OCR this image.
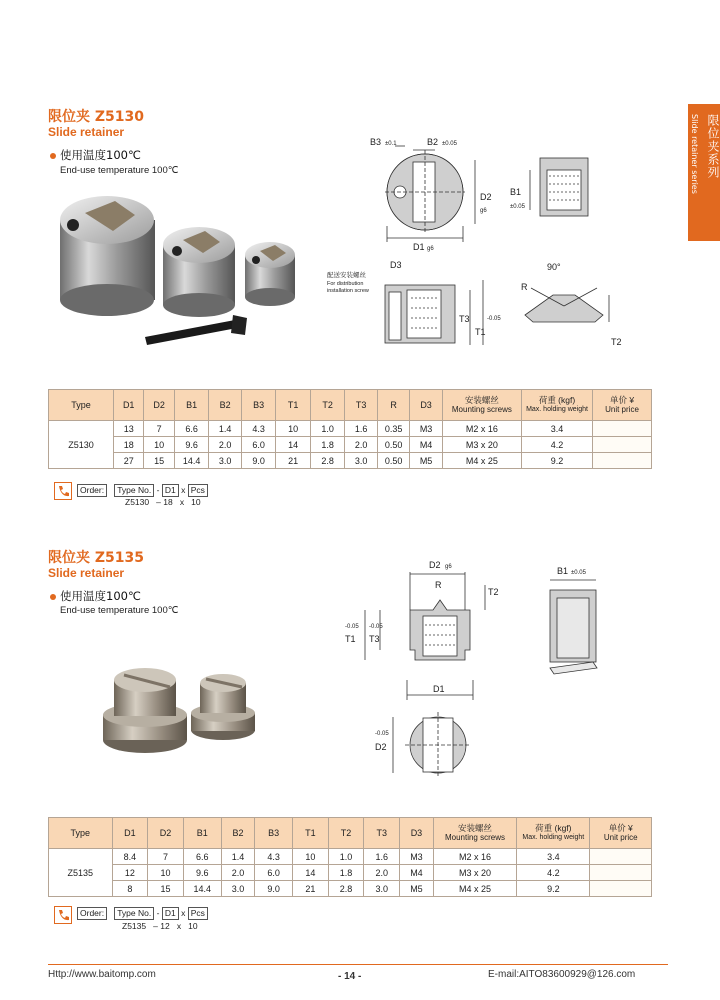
限位夹系列
Slide retainer series
限位夹 Z5130
Slide retainer
使用温度100℃
End-use temperature 100℃
B3 ±0.1	B2 ±0.05
D2
g6
D1 g6
B1
±0.05
D3
配送安装螺丝
For distribution
installation screw
T3
T1
-0.05
90°
R
T2
Type	D1	D2	B1	B2	B3	T1	T2	T3	R	D3	安装螺丝
Mounting screws	荷重 (kgf)
Max. holding weight	单价 ¥
Unit price

Z5130	13	7	6.6	1.4	4.3	10	1.0	1.6	0.35	M3	M2 x 16	3.4	
	18	10	9.6	2.0	6.0	14	1.8	2.0	0.50	M4	M3 x 20	4.2	
	27	15	14.4	3.0	9.0	21	2.8	3.0	0.50	M5	M4 x 25	9.2	
Order: Type No. - D1 x Pcs
Z5130   – 18   x   10
限位夹 Z5135
Slide retainer
使用温度100℃
End-use temperature 100℃
D2 g6
R
T2
T1
-0.05
T3
-0.05
D1
B1 ±0.05
D2
-0.05
Type	D1	D2	B1	B2	B3	T1	T2	T3	D3	安装螺丝
Mounting screws	荷重 (kgf)
Max. holding weight	单价 ¥
Unit price

Z5135	8.4	7	6.6	1.4	4.3	10	1.0	1.6	M3	M2 x 16	3.4	
	12	10	9.6	2.0	6.0	14	1.8	2.0	M4	M3 x 20	4.2	
	8	15	14.4	3.0	9.0	21	2.8	3.0	M5	M4 x 25	9.2	
Order: Type No. - D1 x Pcs
Z5135   – 12   x   10
Http://www.baitomp.com	- 14 -	E-mail:AITO83600929@126.com
